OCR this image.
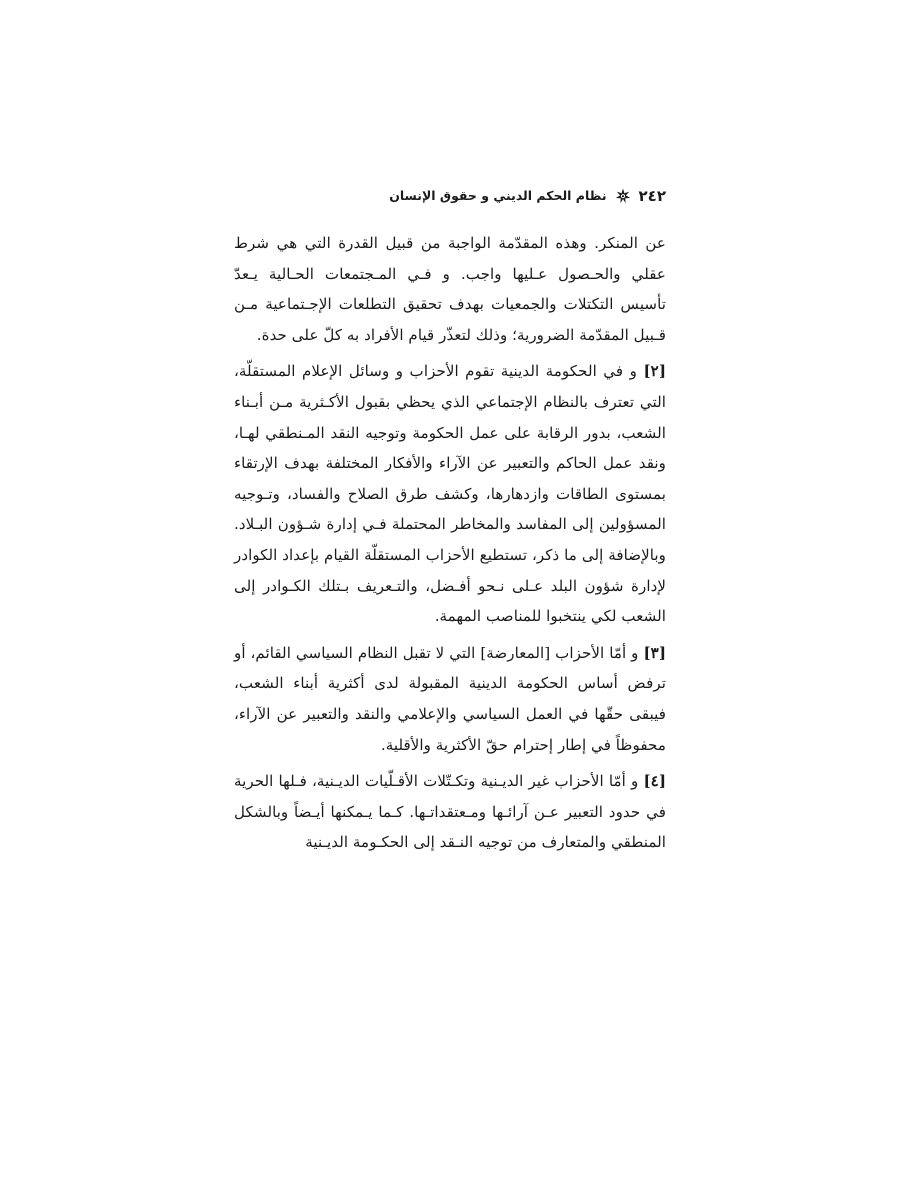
٢٤٢
نظام الحكم الديني و حقوق الإنسان

عن المنكر. وهذه المقدّمة الواجبة من قبيل القدرة التي هي شرط عقلي والحـصول عـليها واجب. و فـي المـجتمعات الحـالية يـعدّ تأسيس التكتلات والجمعيات بهدف تحقيق التطلعات الإجـتماعية مـن قـبيل المقدّمة الضرورية؛ وذلك لتعذّر قيام الأفراد به كلّ على حدة.

[٢] و في الحكومة الدينية تقوم الأحزاب و وسائل الإعلام المستقلّة، التي تعترف بالنظام الإجتماعي الذي يحظي بقبول الأكـثرية مـن أبـناء الشعب، بدور الرقابة على عمل الحكومة وتوجيه النقد المـنطقي لهـا، ونقد عمل الحاكم والتعبير عن الآراء والأفكار المختلفة بهدف الإرتقاء بمستوى الطاقات وازدهارها، وكشف طرق الصلاح والفساد، وتـوجيه المسؤولين إلى المفاسد والمخاطر المحتملة فـي إدارة شـؤون البـلاد. وبالإضافة إلى ما ذكر، تستطيع الأحزاب المستقلّة القيام بإعداد الكوادر لإدارة شؤون البلد عـلى نـحو أفـضل، والتـعريف بـتلك الكـوادر إلى الشعب لكي ينتخبوا للمناصب المهمة.

[٣] و أمّا الأحزاب [المعارضة] التي لا تقبل النظام السياسي القائم، أو ترفض أساس الحكومة الدينية المقبولة لدى أكثرية أبناء الشعب، فيبقى حقّها في العمل السياسي والإعلامي والنقد والتعبير عن الآراء، محفوظاً في إطار إحترام حقّ الأكثرية والأقلية.

[٤] و أمّا الأحزاب غير الديـنية وتكـتّلات الأقـلّيات الديـنية، فـلها الحرية في حدود التعبير عـن آرائـها ومـعتقداتـها. كـما يـمكنها أيـضاً وبالشكل المنطقي والمتعارف من توجيه النـقد إلى الحكـومة الديـنية
